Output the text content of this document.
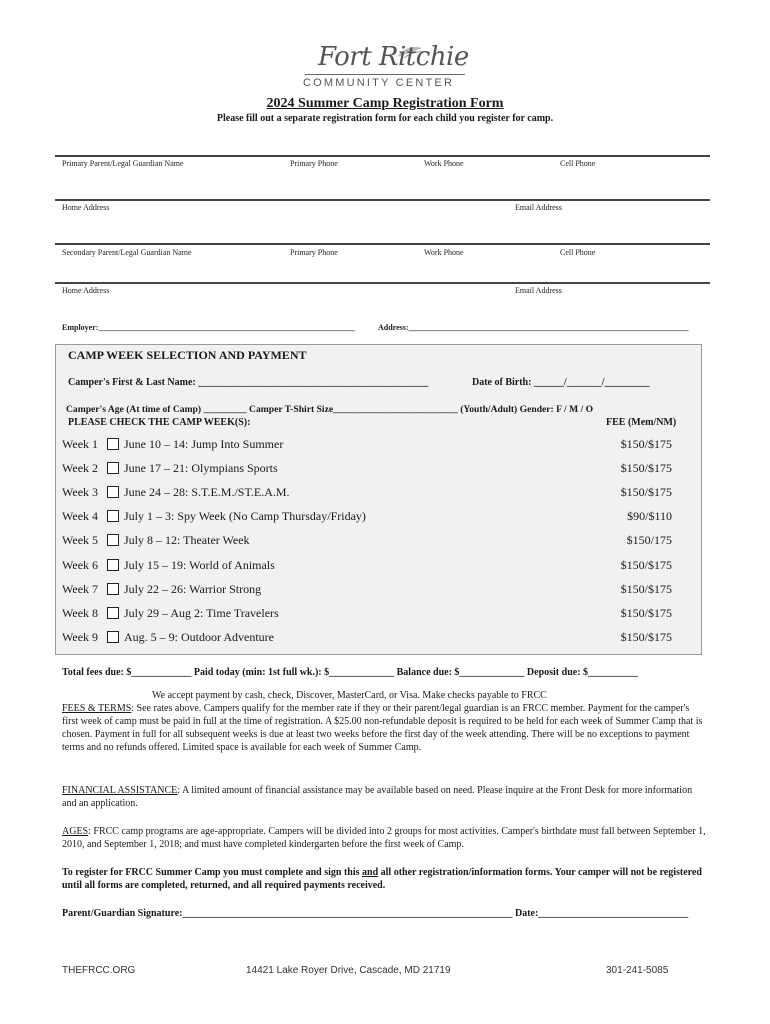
Fort Ritchie
COMMUNITY CENTER
2024 Summer Camp Registration Form
Please fill out a separate registration form for each child you register for camp.
Primary Parent/Legal Guardian Name	Primary Phone	Work Phone	Cell Phone
Home Address	Email Address
Secondary Parent/Legal Guardian Name	Primary Phone	Work Phone	Cell Phone
Home Address	Email Address
Employer:________________________________________________________________	Address:______________________________________________________________________
CAMP WEEK SELECTION AND PAYMENT
Camper's First & Last Name: ______________________________________________	Date of Birth: ______/_______/_________
Camper's Age (At time of Camp) _________ Camper T-Shirt Size__________________________ (Youth/Adult) Gender: F / M / O
PLEASE CHECK THE CAMP WEEK(S):	FEE (Mem/NM)
Week 1 June 10 – 14: Jump Into Summer	$150/$175
Week 2 June 17 – 21: Olympians Sports	$150/$175
Week 3 June 24 – 28: S.T.E.M./ST.E.A.M.	$150/$175
Week 4 July 1 – 3: Spy Week (No Camp Thursday/Friday)	$90/$110
Week 5 July 8 – 12: Theater Week	$150/175
Week 6 July 15 – 19: World of Animals	$150/$175
Week 7 July 22 – 26: Warrior Strong	$150/$175
Week 8 July 29 – Aug 2: Time Travelers	$150/$175
Week 9 Aug. 5 – 9: Outdoor Adventure	$150/$175
Total fees due: $____________ Paid today (min: 1st full wk.): $_____________ Balance due: $_____________ Deposit due: $__________
We accept payment by cash, check, Discover, MasterCard, or Visa. Make checks payable to FRCC
FEES & TERMS: See rates above. Campers qualify for the member rate if they or their parent/legal guardian is an FRCC member. Payment for the camper's first week of camp must be paid in full at the time of registration. A $25.00 non-refundable deposit is required to be held for each week of Summer Camp that is chosen. Payment in full for all subsequent weeks is due at least two weeks before the first day of the week attending. There will be no exceptions to payment terms and no refunds offered. Limited space is available for each week of Summer Camp.
FINANCIAL ASSISTANCE: A limited amount of financial assistance may be available based on need. Please inquire at the Front Desk for more information and an application.
AGES: FRCC camp programs are age-appropriate. Campers will be divided into 2 groups for most activities. Camper's birthdate must fall between September 1, 2010, and September 1, 2018; and must have completed kindergarten before the first week of Camp.
To register for FRCC Summer Camp you must complete and sign this and all other registration/information forms. Your camper will not be registered until all forms are completed, returned, and all required payments received.
Parent/Guardian Signature:__________________________________________________________________ Date:______________________________
THEFRCC.ORG	14421 Lake Royer Drive, Cascade, MD 21719	301-241-5085
